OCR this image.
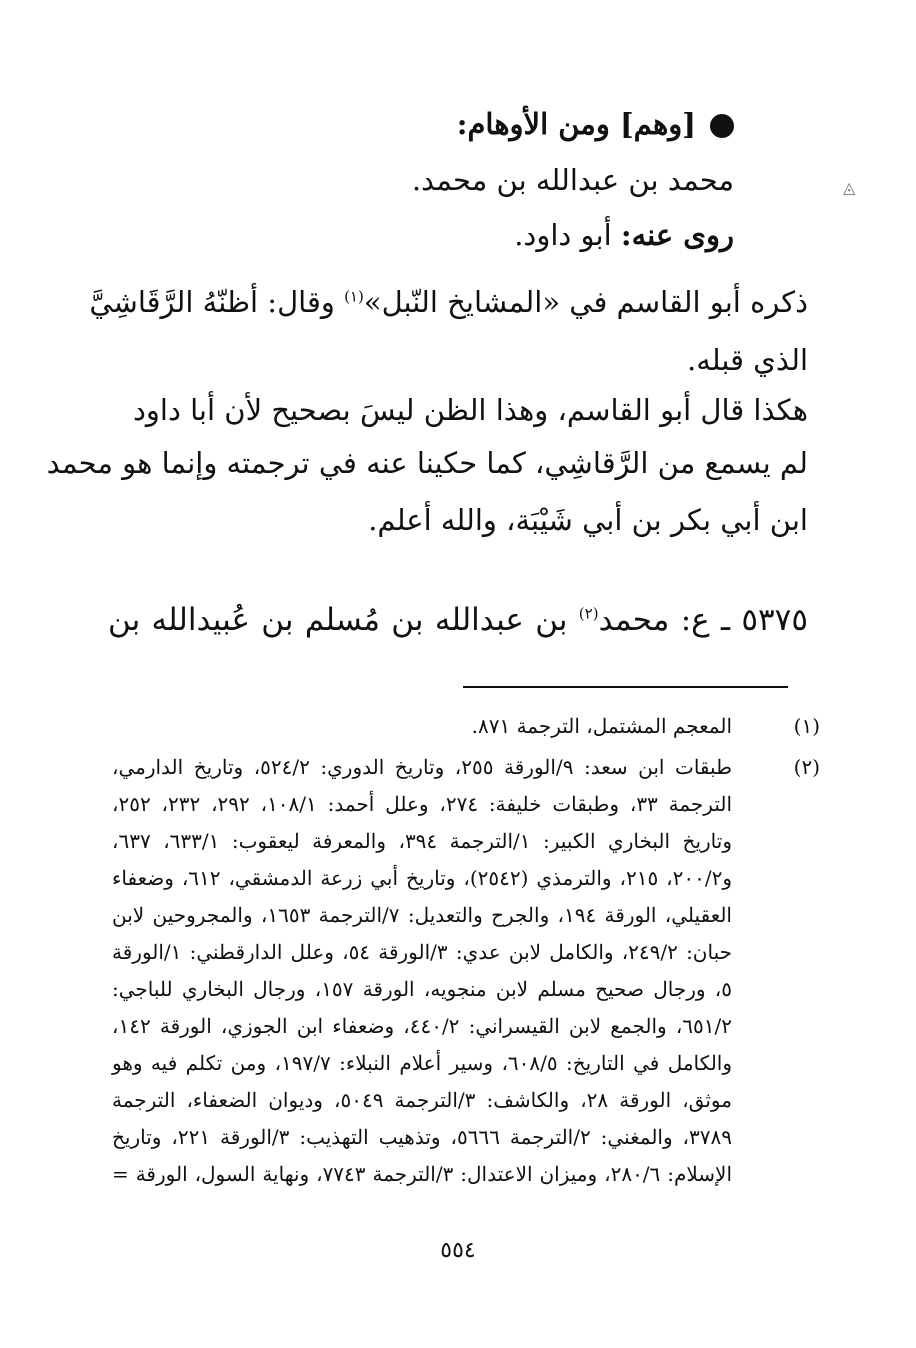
◬
[وهم] ومن الأوهام:
محمد بن عبدالله بن محمد.
روى عنه: أبو داود.
ذكره أبو القاسم في «المشايخ النّبل»$^{(١)}$ وقال: أظنّهُ الرَّقَاشِيَّ
الذي قبله.
هكذا قال أبو القاسم، وهذا الظن ليسَ بصحيح لأن أبا داود
لم يسمع من الرَّقاشِي، كما حكينا عنه في ترجمته وإنما هو محمد
ابن أبي بكر بن أبي شَيْبَة، والله أعلم.
٥٣٧٥ ـ ع: محمد$^{(٢)}$ بن عبدالله بن مُسلم بن عُبيدالله بن
(١)
المعجم المشتمل، الترجمة ٨٧١.
(٢)
طبقات ابن سعد: ٩/الورقة ٢٥٥، وتاريخ الدوري: ٥٢٤/٢، وتاريخ الدارمي،
الترجمة ٣٣، وطبقات خليفة: ٢٧٤، وعلل أحمد: ١٠٨/١، ٢٩٢، ٢٣٢، ٢٥٢،
وتاريخ البخاري الكبير: ١/الترجمة ٣٩٤، والمعرفة ليعقوب: ٦٣٣/١، ٦٣٧،
و٢٠٠/٢، ٢١٥، والترمذي (٢٥٤٢)، وتاريخ أبي زرعة الدمشقي، ٦١٢، وضعفاء
العقيلي، الورقة ١٩٤، والجرح والتعديل: ٧/الترجمة ١٦٥٣، والمجروحين لابن
حبان: ٢٤٩/٢، والكامل لابن عدي: ٣/الورقة ٥٤، وعلل الدارقطني: ١/الورقة
٥، ورجال صحيح مسلم لابن منجويه، الورقة ١٥٧، ورجال البخاري للباجي:
٦٥١/٢، والجمع لابن القيسراني: ٤٤٠/٢، وضعفاء ابن الجوزي، الورقة ١٤٢،
والكامل في التاريخ: ٦٠٨/٥، وسير أعلام النبلاء: ١٩٧/٧، ومن تكلم فيه وهو
موثق، الورقة ٢٨، والكاشف: ٣/الترجمة ٥٠٤٩، وديوان الضعفاء، الترجمة
٣٧٨٩، والمغني: ٢/الترجمة ٥٦٦٦، وتذهيب التهذيب: ٣/الورقة ٢٢١، وتاريخ
الإسلام: ٢٨٠/٦، وميزان الاعتدال: ٣/الترجمة ٧٧٤٣، ونهاية السول، الورقة =
٥٥٤
